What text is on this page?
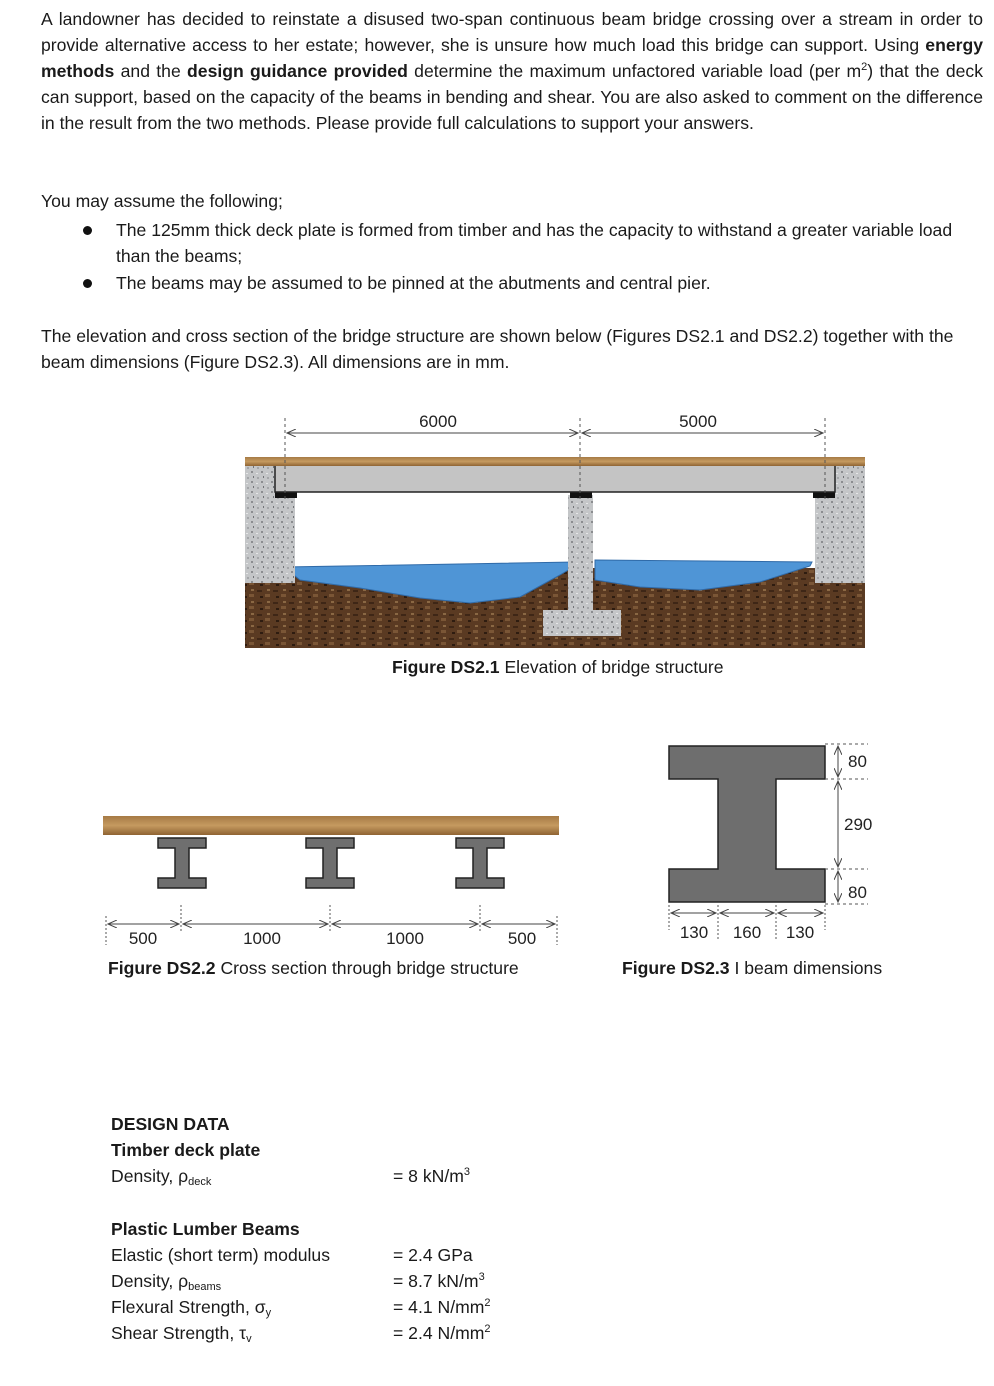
A landowner has decided to reinstate a disused two-span continuous beam bridge crossing over a stream in order to provide alternative access to her estate; however, she is unsure how much load this bridge can support. Using energy methods and the design guidance provided determine the maximum unfactored variable load (per $m^2$) that the deck can support, based on the capacity of the beams in bending and shear. You are also asked to comment on the difference in the result from the two methods. Please provide full calculations to support your answers.
You may assume the following;
The 125mm thick deck plate is formed from timber and has the capacity to withstand a greater variable load than the beams;
The beams may be assumed to be pinned at the abutments and central pier.
The elevation and cross section of the bridge structure are shown below (Figures DS2.1 and DS2.2) together with the beam dimensions (Figure DS2.3). All dimensions are in mm.
6000	5000
500	1000	1000	500
80
290
80
130 160 130
Figure DS2.1 Elevation of bridge structure
Figure DS2.2 Cross section through bridge structure	Figure DS2.3 I beam dimensions
DESIGN DATA
Timber deck plate
Density, $\rho_{deck}$	= 8 $kN/m^3$
Plastic Lumber Beams
Elastic (short term) modulus	= 2.4 GPa
Density, $\rho_{beams}$	= 8.7 $kN/m^3$
Flexural Strength, $\sigma_y$	= 4.1 $N/mm^2$
Shear Strength, $\tau_v$	= 2.4 $N/mm^2$
